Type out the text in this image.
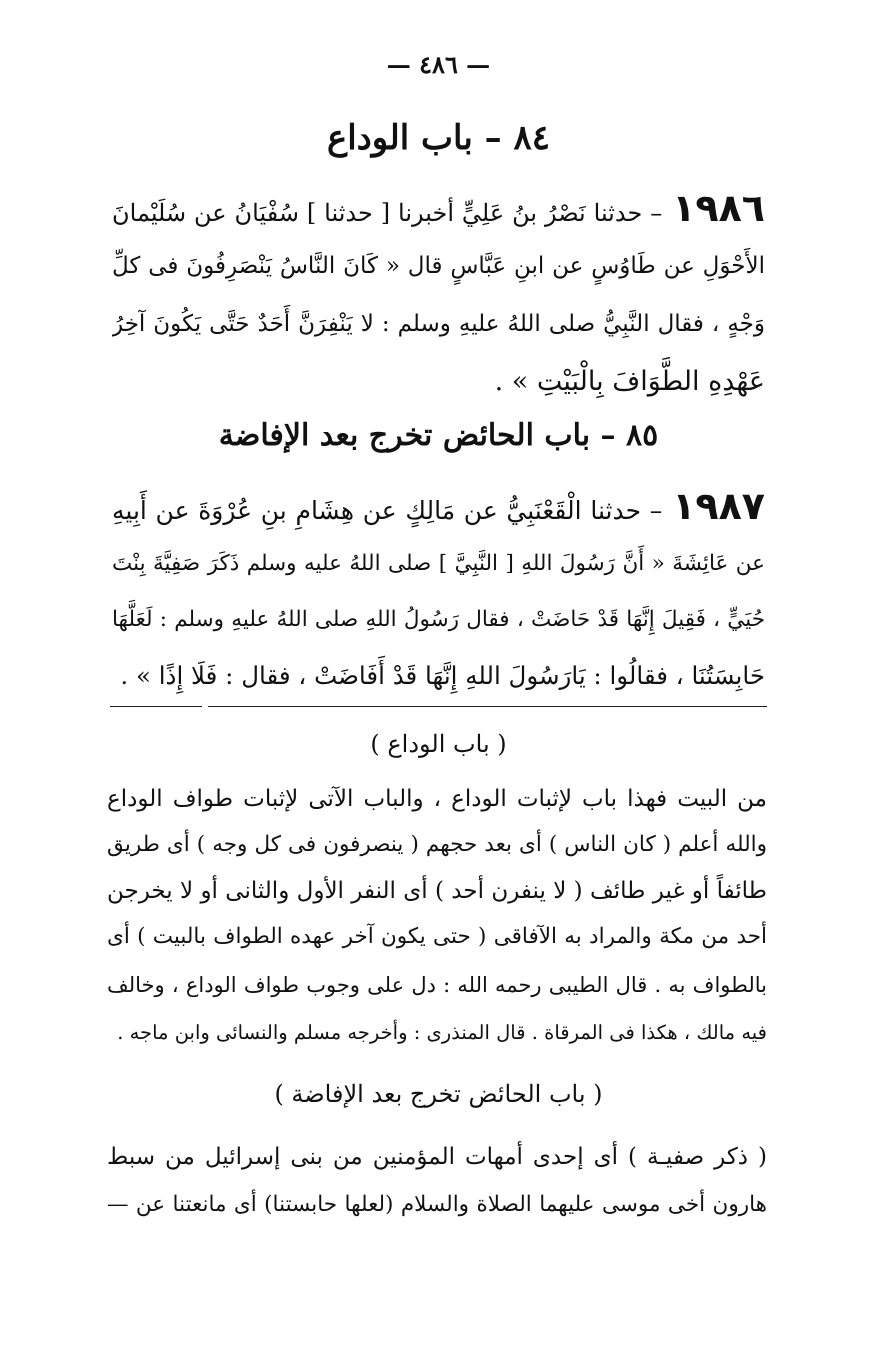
— ٤٨٦ —
٨٤ – باب الوداع
١٩٨٦– حدثنا نَصْرُ بنُ عَلِيٍّ أخبرنا [ حدثنا ] سُفْيَانُ عن سُلَيْمانَ
الأَحْوَلِ عن طَاوُسٍ عن ابنِ عَبَّاسٍ قال « كَانَ النَّاسُ يَنْصَرِفُونَ فى كلِّ
وَجْهٍ ، فقال النَّبِيُّ صلى اللهُ عليهِ وسلم : لا يَنْفِرَنَّ أَحَدٌ حَتَّى يَكُونَ آخِرُ
عَهْدِهِ الطَّوَافَ بِالْبَيْتِ » .
٨٥ – باب الحائض تخرج بعد الإفاضة
١٩٨٧– حدثنا الْقَعْنَبِيُّ عن مَالِكٍ عن هِشَامِ بنِ عُرْوَةَ عن أَبِيهِ
عن عَائِشَةَ « أَنَّ رَسُولَ اللهِ [ النَّبِيَّ ] صلى اللهُ عليه وسلم ذَكَرَ صَفِيَّةَ بِنْتَ
حُيَيٍّ ، فَقِيلَ إِنَّهَا قَدْ حَاضَتْ ، فقال رَسُولُ اللهِ صلى اللهُ عليهِ وسلم : لَعَلَّهَا
حَابِسَتُنَا ، فقالُوا : يَارَسُولَ اللهِ إِنَّهَا قَدْ أَفَاضَتْ ، فقال : فَلَا إِذًا » .
( باب الوداع )
من البيت فهذا باب لإثبات الوداع ، والباب الآتى لإثبات طواف الوداع
والله أعلم ( كان الناس ) أى بعد حجهم ( ينصرفون فى كل وجه ) أى طريق
طائفاً أو غير طائف ( لا ينفرن أحد ) أى النفر الأول والثانى أو لا يخرجن
أحد من مكة والمراد به الآفاقى ( حتى يكون آخر عهده الطواف بالبيت ) أى
بالطواف به . قال الطيبى رحمه الله : دل على وجوب طواف الوداع ، وخالف
فيه مالك ، هكذا فى المرقاة . قال المنذرى : وأخرجه مسلم والنسائى وابن ماجه .
( باب الحائض تخرج بعد الإفاضة )
( ذكر صفيـة ) أى إحدى أمهات المؤمنين من بنى إسرائيل من سبط
هارون أخى موسى عليهما الصلاة والسلام (لعلها حابستنا) أى مانعتنا عن —
